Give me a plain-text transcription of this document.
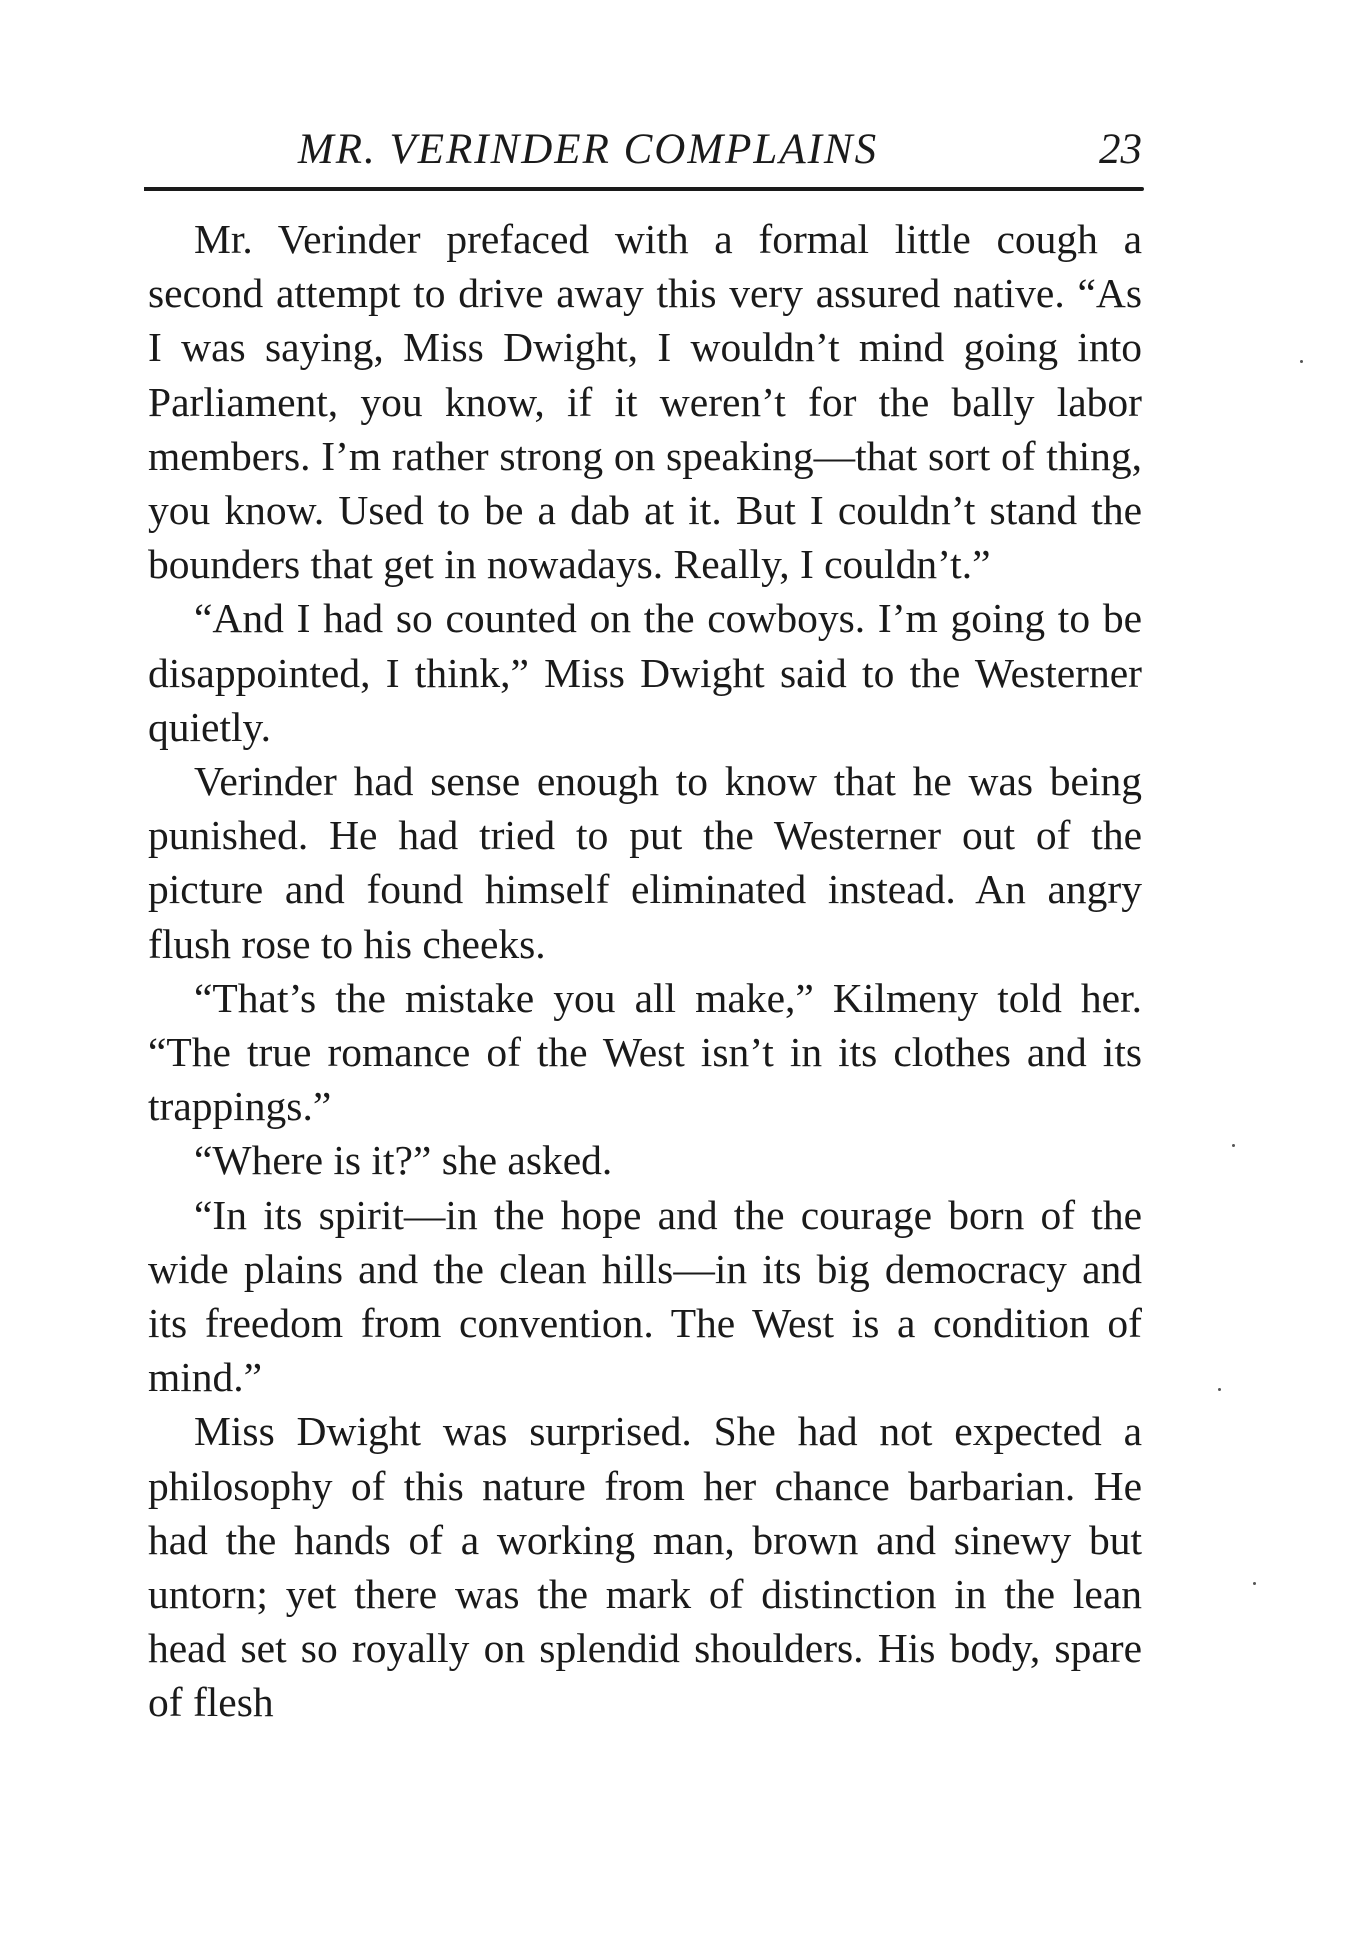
MR. VERINDER COMPLAINS	23

Mr. Verinder prefaced with a formal little cough a second attempt to drive away this very assured native. “As I was saying, Miss Dwight, I wouldn’t mind going into Parliament, you know, if it weren’t for the bally labor members. I’m rather strong on speaking—that sort of thing, you know. Used to be a dab at it. But I couldn’t stand the bounders that get in nowadays. Really, I couldn’t.”

“And I had so counted on the cowboys. I’m going to be disappointed, I think,” Miss Dwight said to the Westerner quietly.

Verinder had sense enough to know that he was being punished. He had tried to put the Westerner out of the picture and found himself eliminated instead. An angry flush rose to his cheeks.

“That’s the mistake you all make,” Kilmeny told her. “The true romance of the West isn’t in its clothes and its trappings.”

“Where is it?” she asked.

“In its spirit—in the hope and the courage born of the wide plains and the clean hills—in its big democracy and its freedom from convention. The West is a condition of mind.”

Miss Dwight was surprised. She had not expected a philosophy of this nature from her chance barbarian. He had the hands of a working man, brown and sinewy but untorn; yet there was the mark of distinction in the lean head set so royally on splendid shoulders. His body, spare of flesh
